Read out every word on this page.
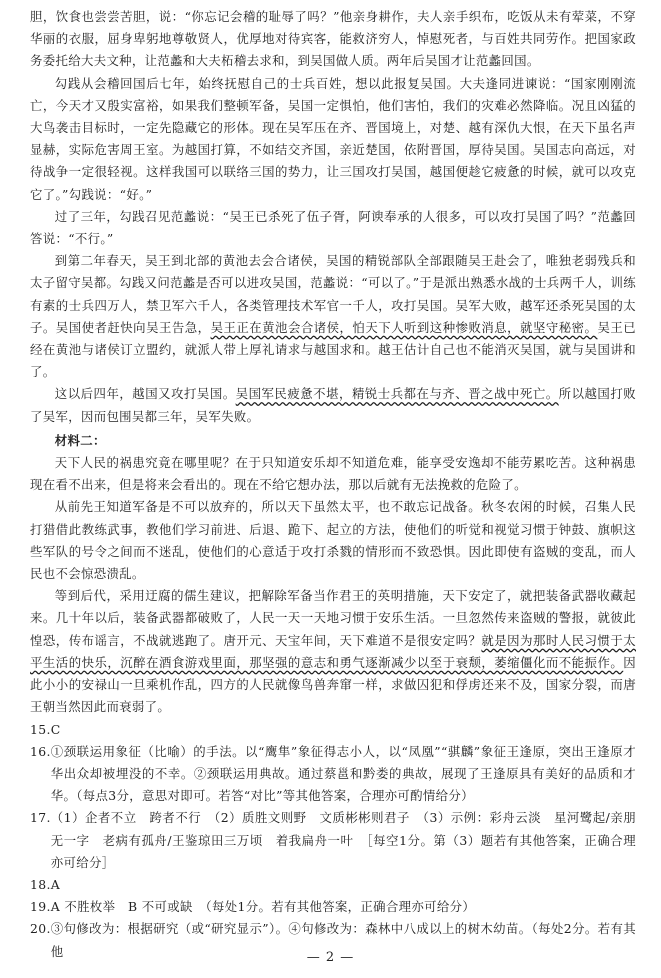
胆，饮食也尝尝苦胆，说：“你忘记会稽的耻辱了吗？”他亲身耕作，夫人亲手织布，吃饭从未有荤菜，不穿华丽的衣服，屈身卑躬地尊敬贤人，优厚地对待宾客，能救济穷人，悼慰死者，与百姓共同劳作。把国家政务委托给大夫文种，让范蠡和大夫柘稽去求和，到吴国做人质。两年后吴国才让范蠡回国。

勾践从会稽回国后七年，始终抚慰自己的士兵百姓，想以此报复吴国。大夫逢同进谏说：“国家刚刚流亡，今天才又殷实富裕，如果我们整顿军备，吴国一定惧怕，他们害怕，我们的灾难必然降临。况且凶猛的大鸟袭击目标时，一定先隐藏它的形体。现在吴军压在齐、晋国境上，对楚、越有深仇大恨，在天下虽名声显赫，实际危害周王室。为越国打算，不如结交齐国，亲近楚国，依附晋国，厚待吴国。吴国志向高远，对待战争一定很轻视。这样我国可以联络三国的势力，让三国攻打吴国，越国便趁它疲惫的时候，就可以攻克它了。”勾践说：“好。”

过了三年，勾践召见范蠡说：“吴王已杀死了伍子胥，阿谀奉承的人很多，可以攻打吴国了吗？”范蠡回答说：“不行。”

到第二年春天，吴王到北部的黄池去会合诸侯，吴国的精锐部队全部跟随吴王赴会了，唯独老弱残兵和太子留守吴都。勾践又问范蠡是否可以进攻吴国，范蠡说：“可以了。”于是派出熟悉水战的士兵两千人，训练有素的士兵四万人，禁卫军六千人，各类管理技术军官一千人，攻打吴国。吴军大败，越军还杀死吴国的太子。吴国使者赶快向吴王告急，吴王正在黄池会合诸侯，怕天下人听到这种惨败消息，就坚守秘密。吴王已经在黄池与诸侯订立盟约，就派人带上厚礼请求与越国求和。越王估计自己也不能消灭吴国，就与吴国讲和了。

这以后四年，越国又攻打吴国。吴国军民疲惫不堪，精锐士兵都在与齐、晋之战中死亡。所以越国打败了吴军，因而包围吴都三年，吴军失败。

材料二：

天下人民的祸患究竟在哪里呢？在于只知道安乐却不知道危难，能享受安逸却不能劳累吃苦。这种祸患现在看不出来，但是将来会看出的。现在不给它想办法，那以后就有无法挽救的危险了。

从前先王知道军备是不可以放弃的，所以天下虽然太平，也不敢忘记战备。秋冬农闲的时候，召集人民打猎借此教练武事，教他们学习前进、后退、跪下、起立的方法，使他们的听觉和视觉习惯于钟鼓、旗帜这些军队的号令之间而不迷乱，使他们的心意适于攻打杀戮的情形而不致恐惧。因此即使有盗贼的变乱，而人民也不会惊恐溃乱。

等到后代，采用迂腐的儒生建议，把解除军备当作君王的英明措施，天下安定了，就把装备武器收藏起来。几十年以后，装备武器都破败了，人民一天一天地习惯于安乐生活。一旦忽然传来盗贼的警报，就彼此惶恐，传布谣言，不战就逃跑了。唐开元、天宝年间，天下难道不是很安定吗？就是因为那时人民习惯于太平生活的快乐，沉醉在酒食游戏里面，那坚强的意志和勇气逐渐减少以至于衰颓，萎缩僵化而不能振作。因此小小的安禄山一旦乘机作乱，四方的人民就像鸟兽奔窜一样，求做囚犯和俘虏还来不及，国家分裂，而唐王朝当然因此而衰弱了。

15. C
16. ①颈联运用象征（比喻）的手法。以“鹰隼”象征得志小人，以“凤凰”“骐麟”象征王逢原，突出王逢原才华出众却被埋没的不幸。②颈联运用典故。通过蔡邕和黔娄的典故，展现了王逢原具有美好的品质和才华。（每点3分，意思对即可。若答“对比”等其他答案，合理亦可酌情给分）
17. （1）企者不立　跨者不行　（2）质胜文则野　文质彬彬则君子　（3）示例：彩舟云淡　星河鹭起/亲朋无一字　老病有孤舟/王鉴琼田三万顷　着我扁舟一叶　［每空1分。第（3）题若有其他答案，正确合理亦可给分］
18. A
19. A 不胜枚举　B 不可或缺　（每处1分。若有其他答案，正确合理亦可给分）
20. ③句修改为：根据研究（或“研究显示”）。④句修改为：森林中八成以上的树木幼苗。（每处2分。若有其他	— 2 —
